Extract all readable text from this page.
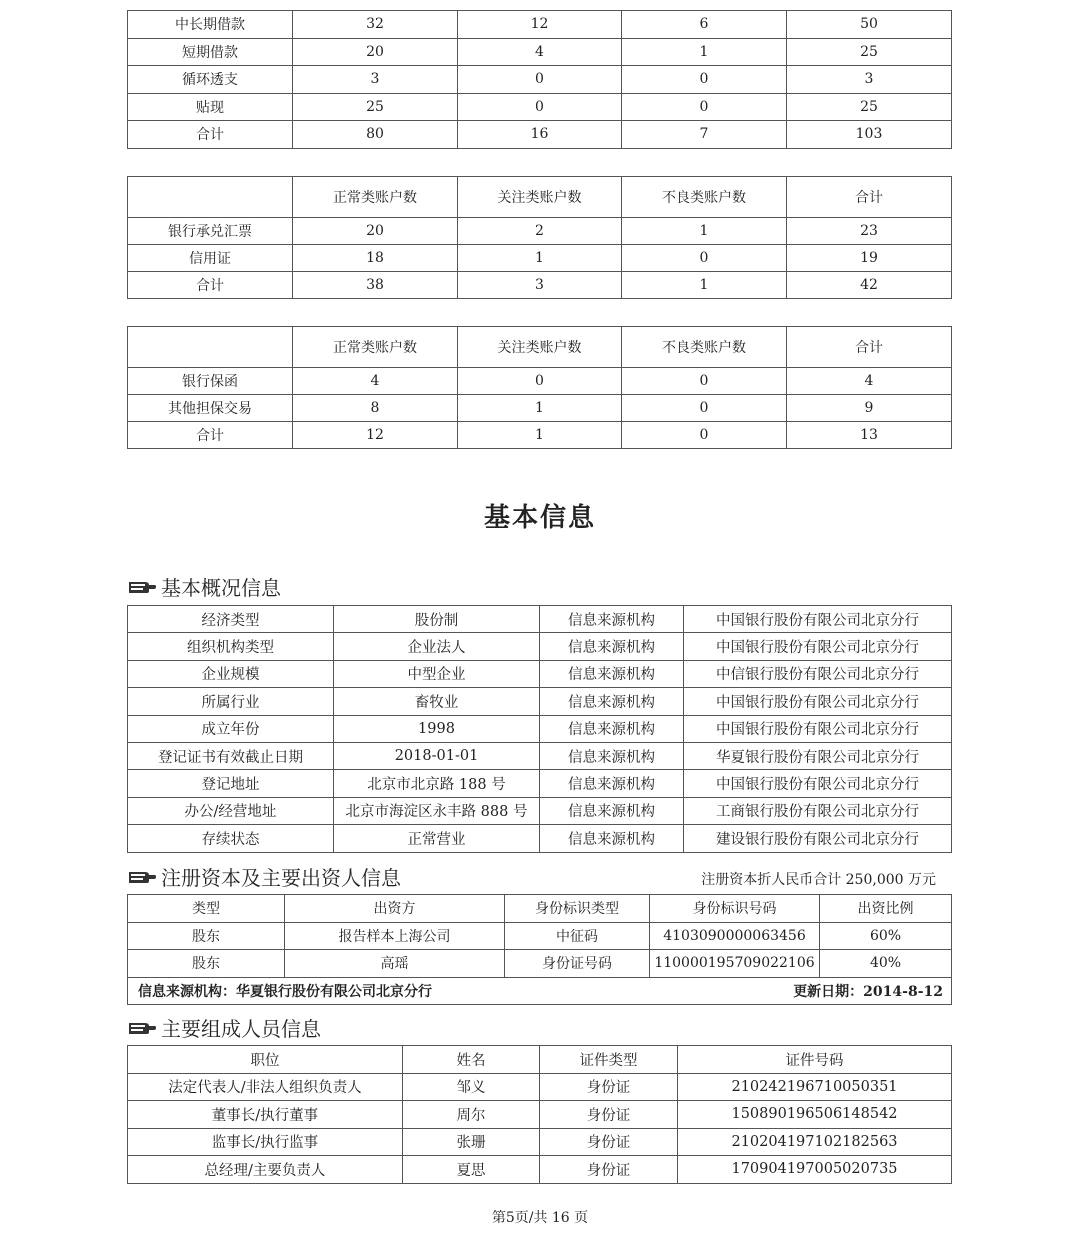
中长期借款	32	12	6	50
短期借款	20	4	1	25
循环透支	3	0	0	3
贴现	25	0	0	25
合计	80	16	7	103
	正常类账户数	关注类账户数	不良类账户数	合计
银行承兑汇票	20	2	1	23
信用证	18	1	0	19
合计	38	3	1	42
	正常类账户数	关注类账户数	不良类账户数	合计
银行保函	4	0	0	4
其他担保交易	8	1	0	9
合计	12	1	0	13
基本信息
基本概况信息
经济类型	股份制	信息来源机构	中国银行股份有限公司北京分行
组织机构类型	企业法人	信息来源机构	中国银行股份有限公司北京分行
企业规模	中型企业	信息来源机构	中信银行股份有限公司北京分行
所属行业	畜牧业	信息来源机构	中国银行股份有限公司北京分行
成立年份	1998	信息来源机构	中国银行股份有限公司北京分行
登记证书有效截止日期	2018-01-01	信息来源机构	华夏银行股份有限公司北京分行
登记地址	北京市北京路 188 号	信息来源机构	中国银行股份有限公司北京分行
办公/经营地址	北京市海淀区永丰路 888 号	信息来源机构	工商银行股份有限公司北京分行
存续状态	正常营业	信息来源机构	建设银行股份有限公司北京分行
注册资本及主要出资人信息	注册资本折人民币合计 250,000 万元
类型	出资方	身份标识类型	身份标识号码	出资比例
股东	报告样本上海公司	中征码	4103090000063456	60%
股东	高瑶	身份证号码	110000195709022106	40%
信息来源机构：华夏银行股份有限公司北京分行 更新日期：2014-8-12				
主要组成人员信息
职位	姓名	证件类型	证件号码
法定代表人/非法人组织负责人	邹义	身份证	210242196710050351
董事长/执行董事	周尔	身份证	150890196506148542
监事长/执行监事	张珊	身份证	210204197102182563
总经理/主要负责人	夏思	身份证	170904197005020735
第5页/共 16 页
